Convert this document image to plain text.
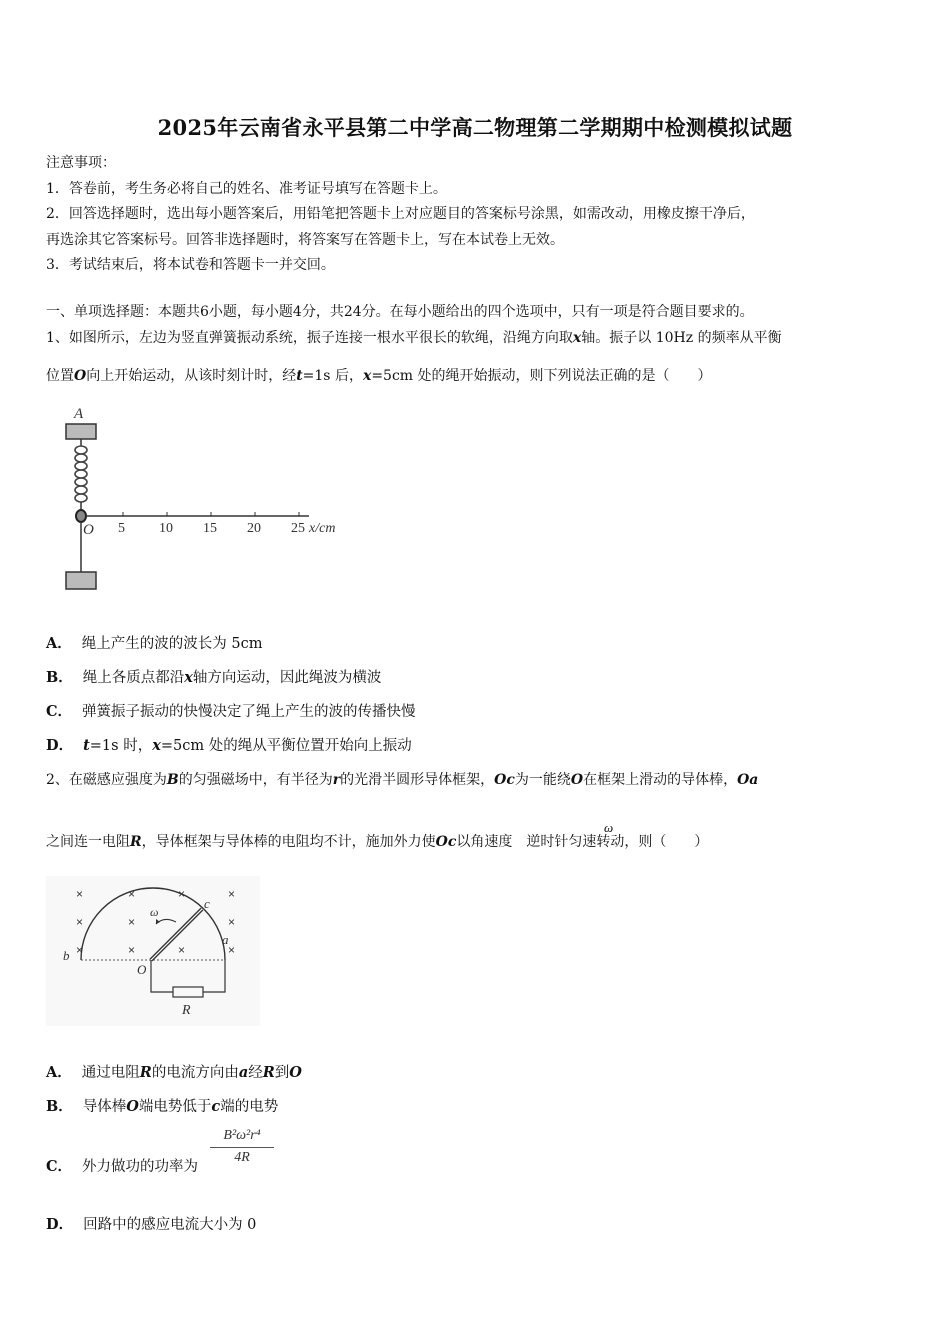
2025年云南省永平县第二中学高二物理第二学期期中检测模拟试题
注意事项：
1．答卷前，考生务必将自己的姓名、准考证号填写在答题卡上。
2．回答选择题时，选出每小题答案后，用铅笔把答题卡上对应题目的答案标号涂黑，如需改动，用橡皮擦干净后，
再选涂其它答案标号。回答非选择题时，将答案写在答题卡上，写在本试卷上无效。
3．考试结束后，将本试卷和答题卡一并交回。
一、单项选择题：本题共6小题，每小题4分，共24分。在每小题给出的四个选项中，只有一项是符合题目要求的。
1、如图所示，左边为竖直弹簧振动系统，振子连接一根水平很长的软绳，沿绳方向取x轴。振子以 10Hz 的频率从平衡
位置O向上开始运动，从该时刻计时，经t=1s 后，x=5cm 处的绳开始振动，则下列说法正确的是（　　）
A
O 5 10 15 20 25 x/cm
A． 绳上产生的波的波长为 5cm
B． 绳上各质点都沿x轴方向运动，因此绳波为横波
C． 弹簧振子振动的快慢决定了绳上产生的波的传播快慢
D． t=1s 时，x=5cm 处的绳从平衡位置开始向上振动
2、在磁感应强度为B的匀强磁场中，有半径为r的光滑半圆形导体框架，Oc为一能绕O在框架上滑动的导体棒，Oa
之间连一电阻R，导体框架与导体棒的电阻均不计，施加外力使Oc以角速度 逆时针匀速转动，则（　　）
ω
×	×	×	×
×	×	×
×	×
×	×
c
ω
a
b
O
R
A． 通过电阻R的电流方向由a经R到O
B． 导体棒O端电势低于c端的电势
C． 外力做功的功率为
B²ω²r⁴
4R
D． 回路中的感应电流大小为 0
